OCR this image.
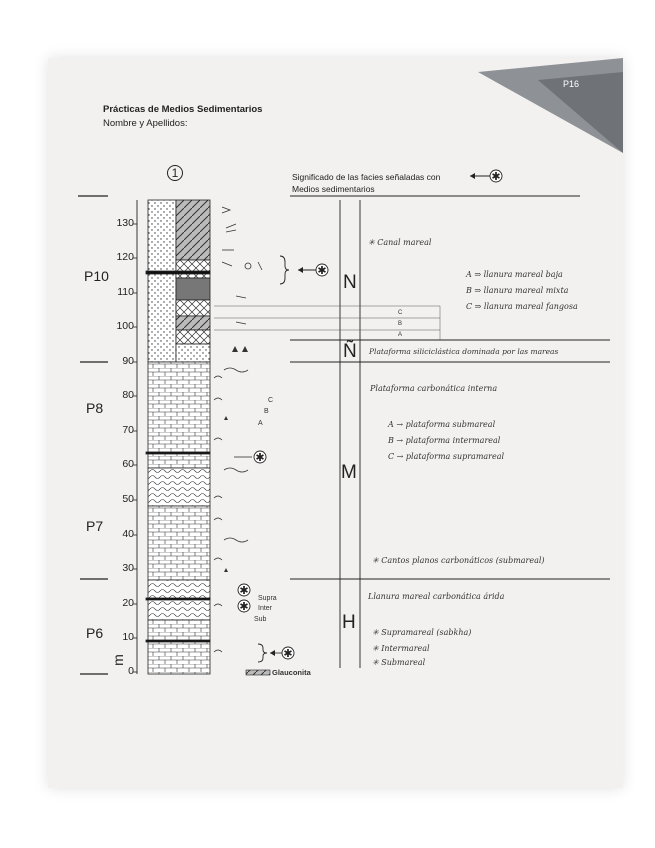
Prácticas de Medios Sedimentarios
Nombre y Apellidos:
P16
Significado de las facies señaladas con
Medios sedimentarios
✱
✱
✱
✱
✱
✱
1
0
10
20
30
40
50
60
70
80
90
100
110
120
130
m
P10
P8
P7
P6
N
Ñ
M
H
Glauconita
Supra
Inter
Sub
A
B
C
C
B
A
✳ Canal mareal
A ⇒ llanura mareal baja
B ⇒ llanura mareal mixta
C ⇒ llanura mareal fangosa
Plataforma siliciclástica dominada por las mareas
Plataforma carbonática interna
A → plataforma submareal
B → plataforma intermareal
C → plataforma supramareal
✳ Cantos planos carbonáticos (submareal)
Llanura mareal carbonática árida
✳ Supramareal (sabkha)
✳ Intermareal
✳ Submareal
